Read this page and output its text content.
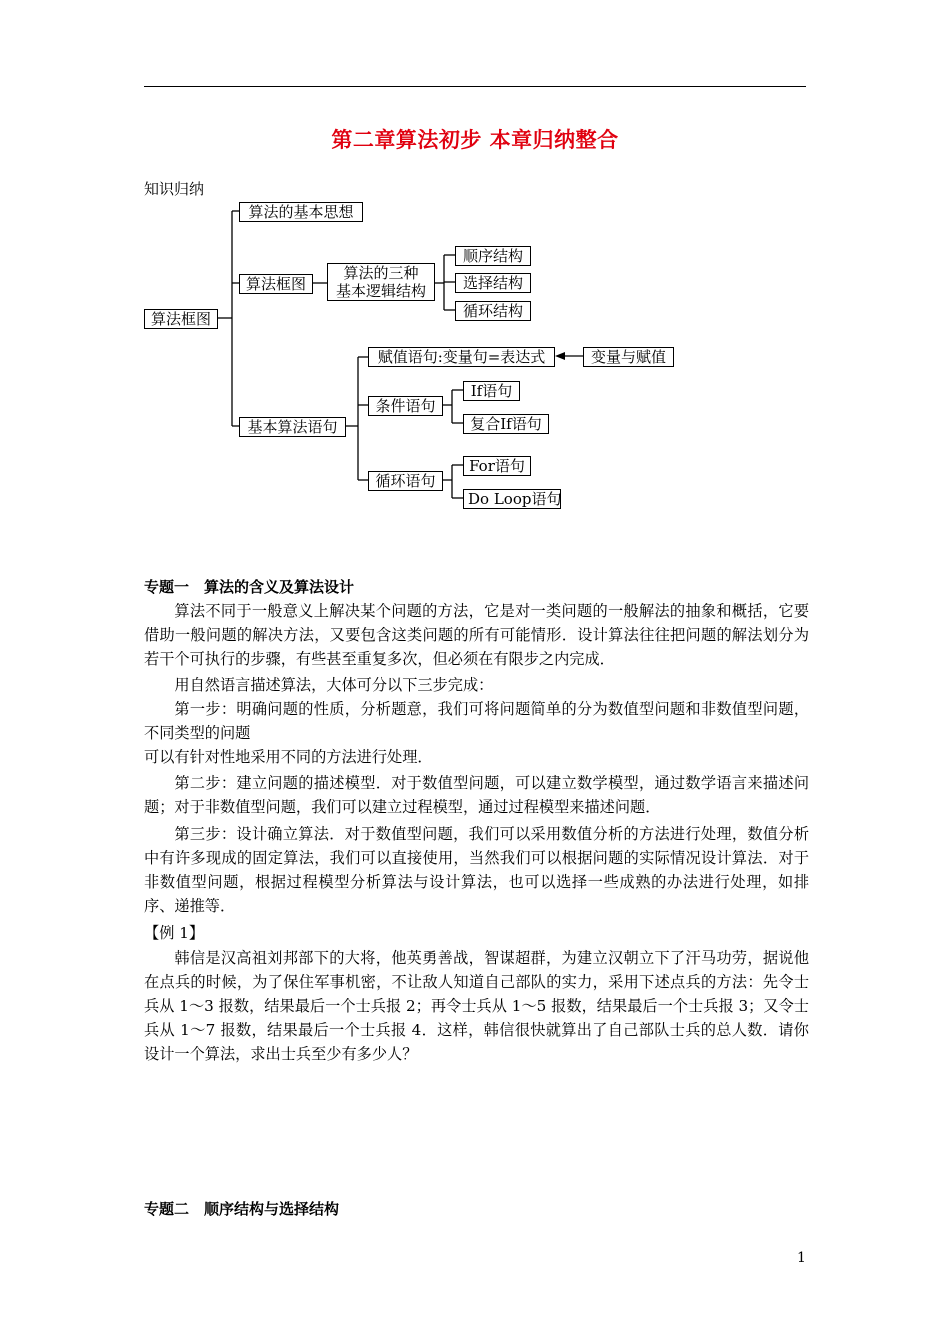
第二章算法初步 本章归纳整合
知识归纳
算法框图
算法的基本思想
算法框图
算法的三种
基本逻辑结构
顺序结构
选择结构
循环结构
基本算法语句
赋值语句:变量句=表达式	变量与赋值
条件语句
If语句
复合If语句
循环语句
For语句
Do Loop语句
专题一　算法的含义及算法设计
算法不同于一般意义上解决某个问题的方法，它是对一类问题的一般解法的抽象和概括，它要借助一般问题的解决方法，又要包含这类问题的所有可能情形．设计算法往往把问题的解法划分为若干个可执行的步骤，有些甚至重复多次，但必须在有限步之内完成．
用自然语言描述算法，大体可分以下三步完成：
第一步：明确问题的性质，分析题意，我们可将问题简单的分为数值型问题和非数值型问题，不同类型的问题
可以有针对性地采用不同的方法进行处理．
第二步：建立问题的描述模型．对于数值型问题，可以建立数学模型，通过数学语言来描述问题；对于非数值型问题，我们可以建立过程模型，通过过程模型来描述问题．
第三步：设计确立算法．对于数值型问题，我们可以采用数值分析的方法进行处理，数值分析中有许多现成的固定算法，我们可以直接使用，当然我们可以根据问题的实际情况设计算法．对于非数值型问题，根据过程模型分析算法与设计算法，也可以选择一些成熟的办法进行处理，如排序、递推等．
【例 1】
韩信是汉高祖刘邦部下的大将，他英勇善战，智谋超群，为建立汉朝立下了汗马功劳，据说他在点兵的时候，为了保住军事机密，不让敌人知道自己部队的实力，采用下述点兵的方法：先令士兵从 1～3 报数，结果最后一个士兵报 2；再令士兵从 1～5 报数，结果最后一个士兵报 3；又令士兵从 1～7 报数，结果最后一个士兵报 4．这样，韩信很快就算出了自己部队士兵的总人数．请你设计一个算法，求出士兵至少有多少人？
专题二　顺序结构与选择结构
1
